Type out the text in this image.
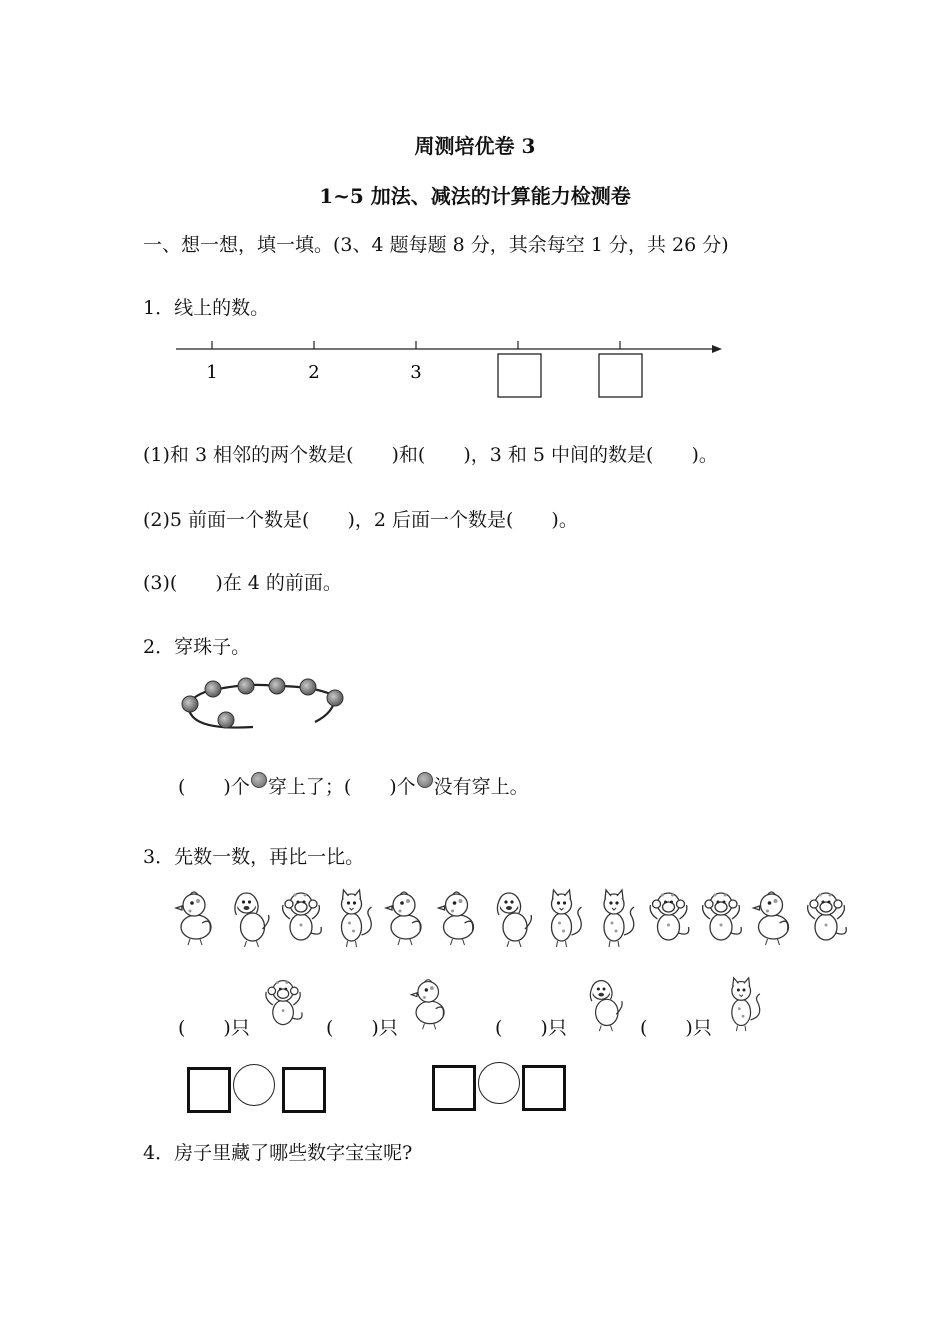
周测培优卷 3
1~5 加法、减法的计算能力检测卷
一、想一想，填一填。(3、4 题每题 8 分，其余每空 1 分，共 26 分)
1．线上的数。
1	2	3
(1)和 3 相邻的两个数是(　　)和(　　)，3 和 5 中间的数是(　　)。
(2)5 前面一个数是(　　)，2 后面一个数是(　　)。
(3)(　　)在 4 的前面。
2．穿珠子。
(　　)个 穿上了；(　　)个 没有穿上。
3．先数一数，再比一比。
(　　)只	(　　)只	(　　)只	(　　)只
4．房子里藏了哪些数字宝宝呢?
